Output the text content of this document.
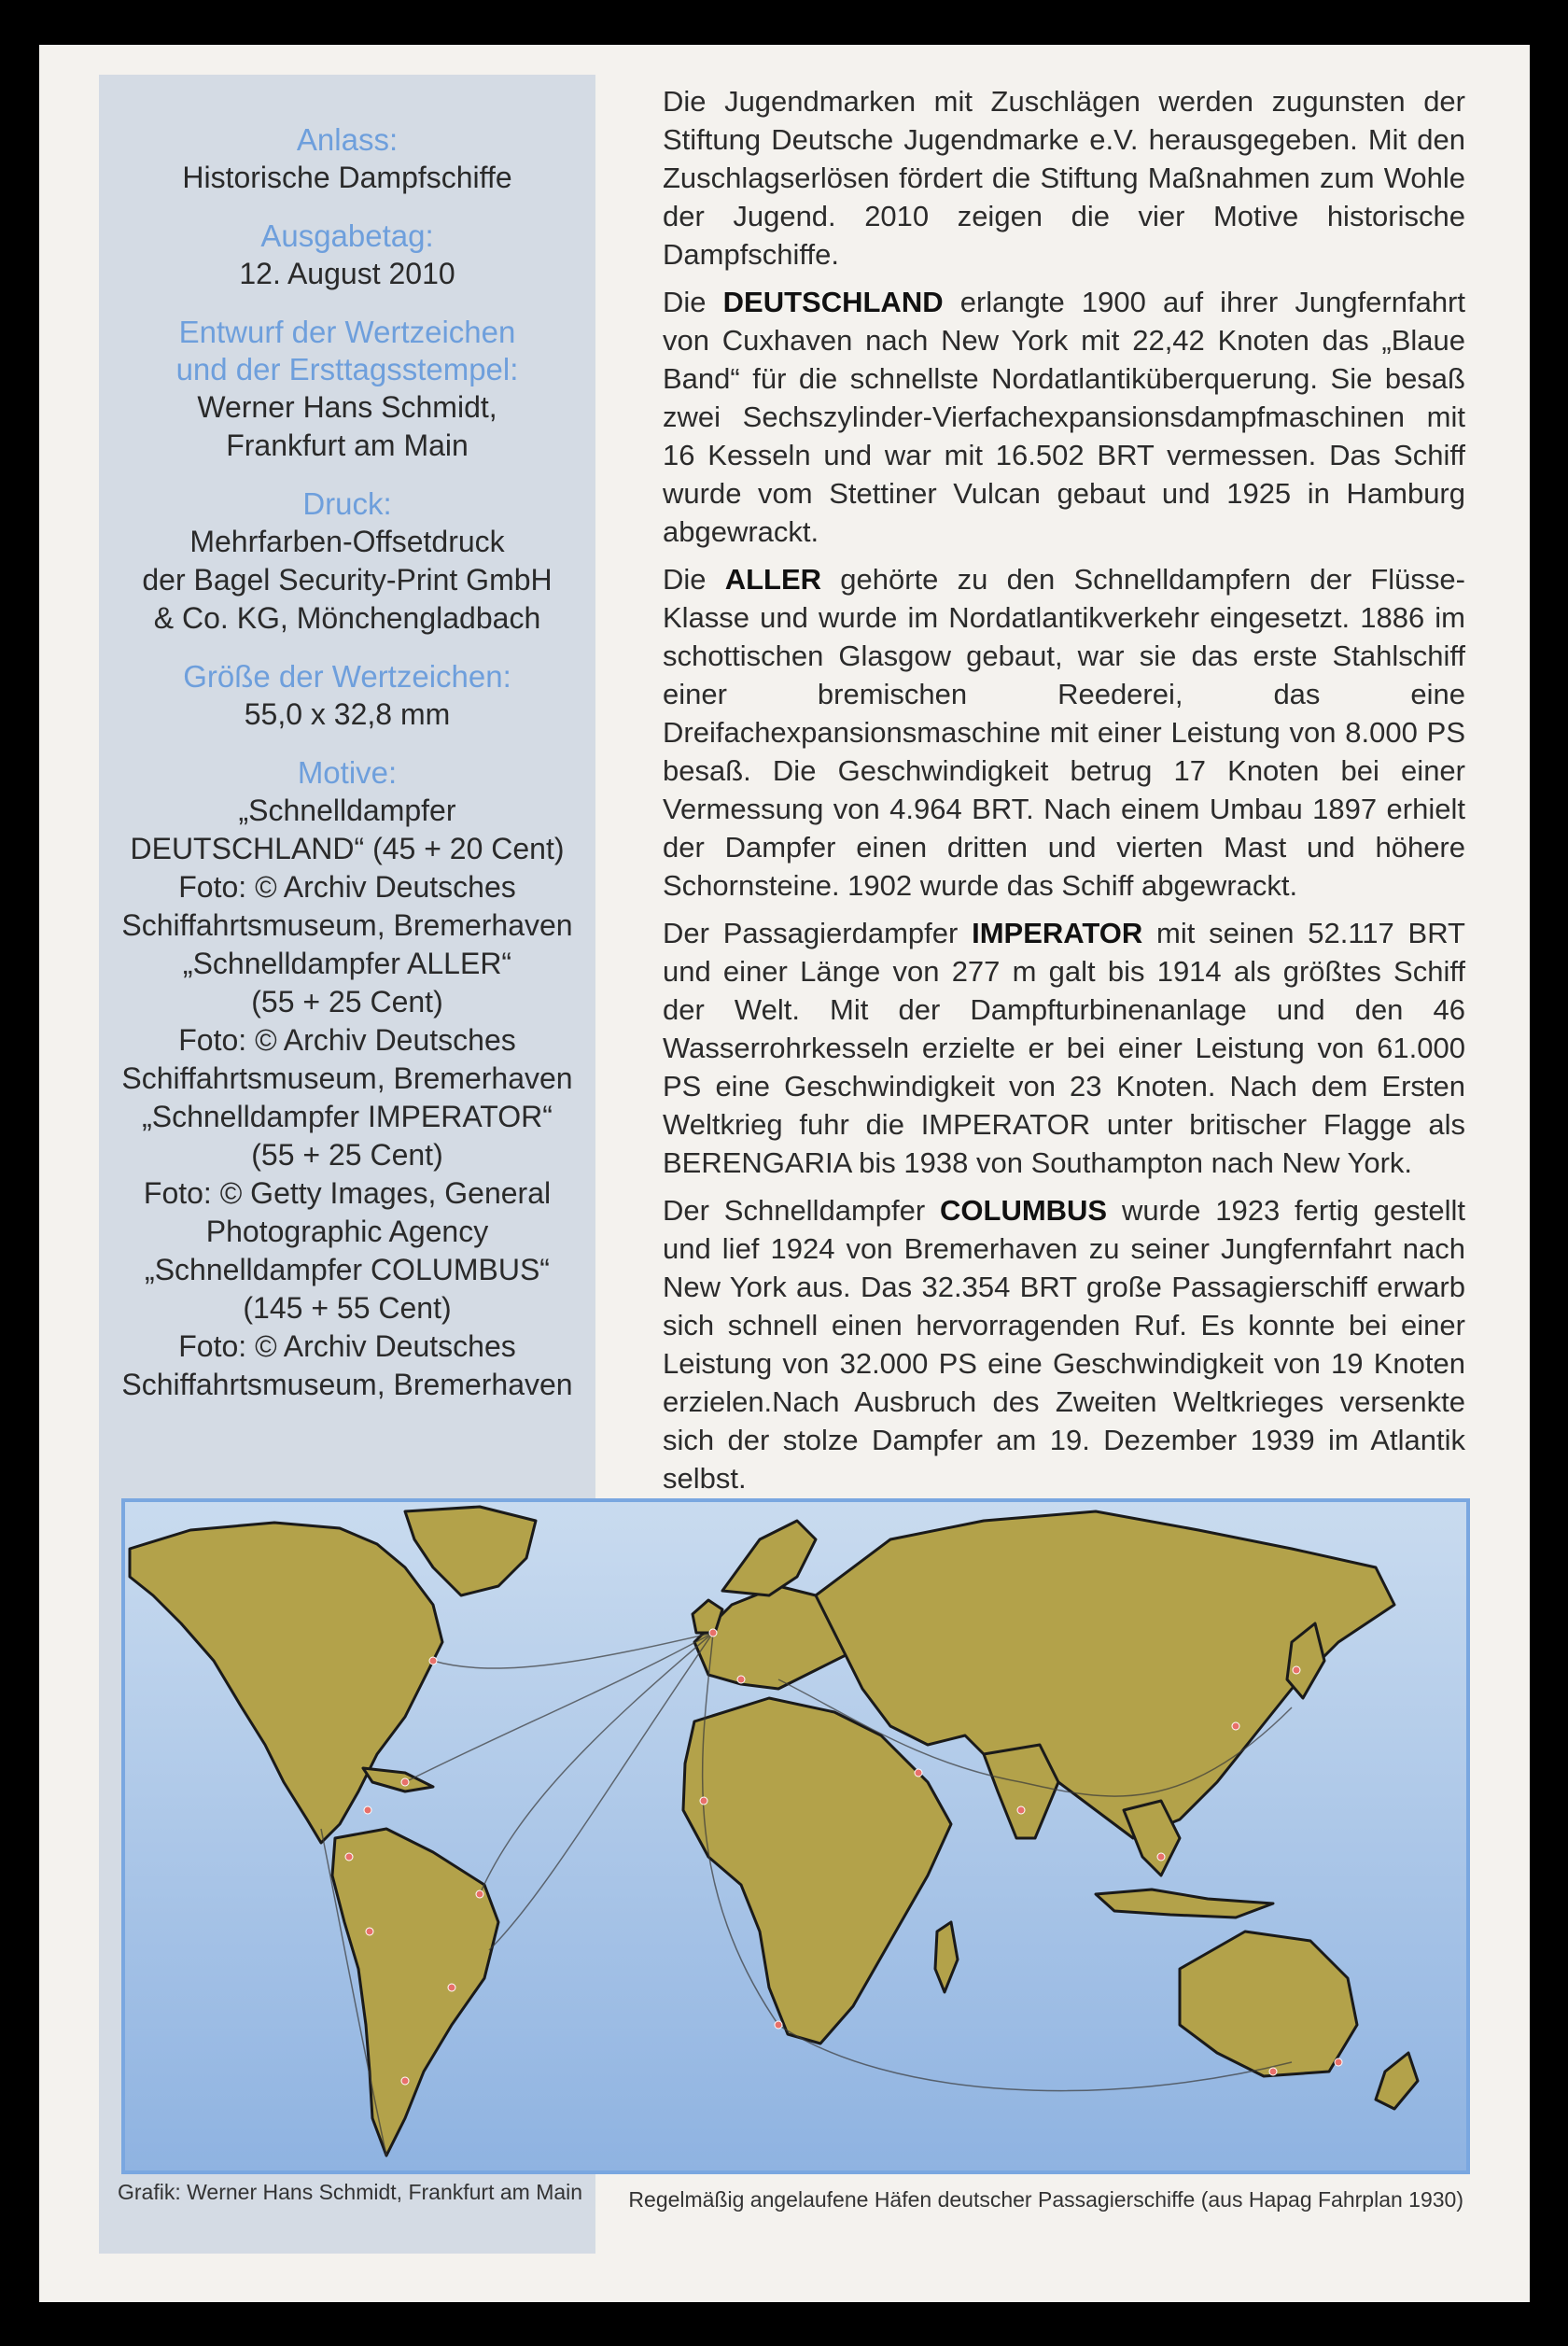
Anlass:
Historische Dampfschiffe
Ausgabetag:
12. August 2010
Entwurf der Wertzeichen
und der Ersttagsstempel:
Werner Hans Schmidt,
Frankfurt am Main
Druck:
Mehrfarben-Offsetdruck
der Bagel Security-Print GmbH
& Co. KG, Mönchengladbach
Größe der Wertzeichen:
55,0 x 32,8 mm
Motive:
„Schnelldampfer
DEUTSCHLAND“ (45 + 20 Cent)
Foto: © Archiv Deutsches
Schiffahrtsmuseum, Bremerhaven
„Schnelldampfer ALLER“
(55 + 25 Cent)
Foto: © Archiv Deutsches
Schiffahrtsmuseum, Bremerhaven
„Schnelldampfer IMPERATOR“
(55 + 25 Cent)
Foto: © Getty Images, General
Photographic Agency
„Schnelldampfer COLUMBUS“
(145 + 55 Cent)
Foto: © Archiv Deutsches
Schiffahrtsmuseum, Bremerhaven

Die Jugendmarken mit Zuschlägen werden zugunsten der Stiftung Deutsche Jugendmarke e.V. herausgegeben. Mit den Zuschlagserlösen fördert die Stiftung Maßnahmen zum Wohle der Jugend. 2010 zeigen die vier Motive historische Dampfschiffe.

Die DEUTSCHLAND erlangte 1900 auf ihrer Jungfernfahrt von Cuxhaven nach New York mit 22,42 Knoten das „Blaue Band“ für die schnellste Nordatlantiküberquerung. Sie besaß zwei Sechszylinder-Vierfachexpansionsdampfmaschinen mit 16 Kesseln und war mit 16.502 BRT vermessen. Das Schiff wurde vom Stettiner Vulcan gebaut und 1925 in Hamburg abgewrackt.

Die ALLER gehörte zu den Schnelldampfern der Flüsse-Klasse und wurde im Nordatlantikverkehr eingesetzt. 1886 im schottischen Glasgow gebaut, war sie das erste Stahlschiff einer bremischen Reederei, das eine Dreifachexpansionsmaschine mit einer Leistung von 8.000 PS besaß. Die Geschwindigkeit betrug 17 Knoten bei einer Vermessung von 4.964 BRT. Nach einem Umbau 1897 erhielt der Dampfer einen dritten und vierten Mast und höhere Schornsteine. 1902 wurde das Schiff abgewrackt.

Der Passagierdampfer IMPERATOR mit seinen 52.117 BRT und einer Länge von 277 m galt bis 1914 als größtes Schiff der Welt. Mit der Dampfturbinenanlage und den 46 Wasserrohrkesseln erzielte er bei einer Leistung von 61.000 PS eine Geschwindigkeit von 23 Knoten. Nach dem Ersten Weltkrieg fuhr die IMPERATOR unter britischer Flagge als BERENGARIA bis 1938 von Southampton nach New York.

Der Schnelldampfer COLUMBUS wurde 1923 fertig gestellt und lief 1924 von Bremerhaven zu seiner Jungfernfahrt nach New York aus. Das 32.354 BRT große Passagierschiff erwarb sich schnell einen hervorragenden Ruf. Es konnte bei einer Leistung von 32.000 PS eine Geschwindigkeit von 19 Knoten erzielen.Nach Ausbruch des Zweiten Weltkrieges versenkte sich der stolze Dampfer am 19. Dezember 1939 im Atlantik selbst.

Grafik: Werner Hans Schmidt, Frankfurt am Main Regelmäßig angelaufene Häfen deutscher Passagierschiffe (aus Hapag Fahrplan 1930)
